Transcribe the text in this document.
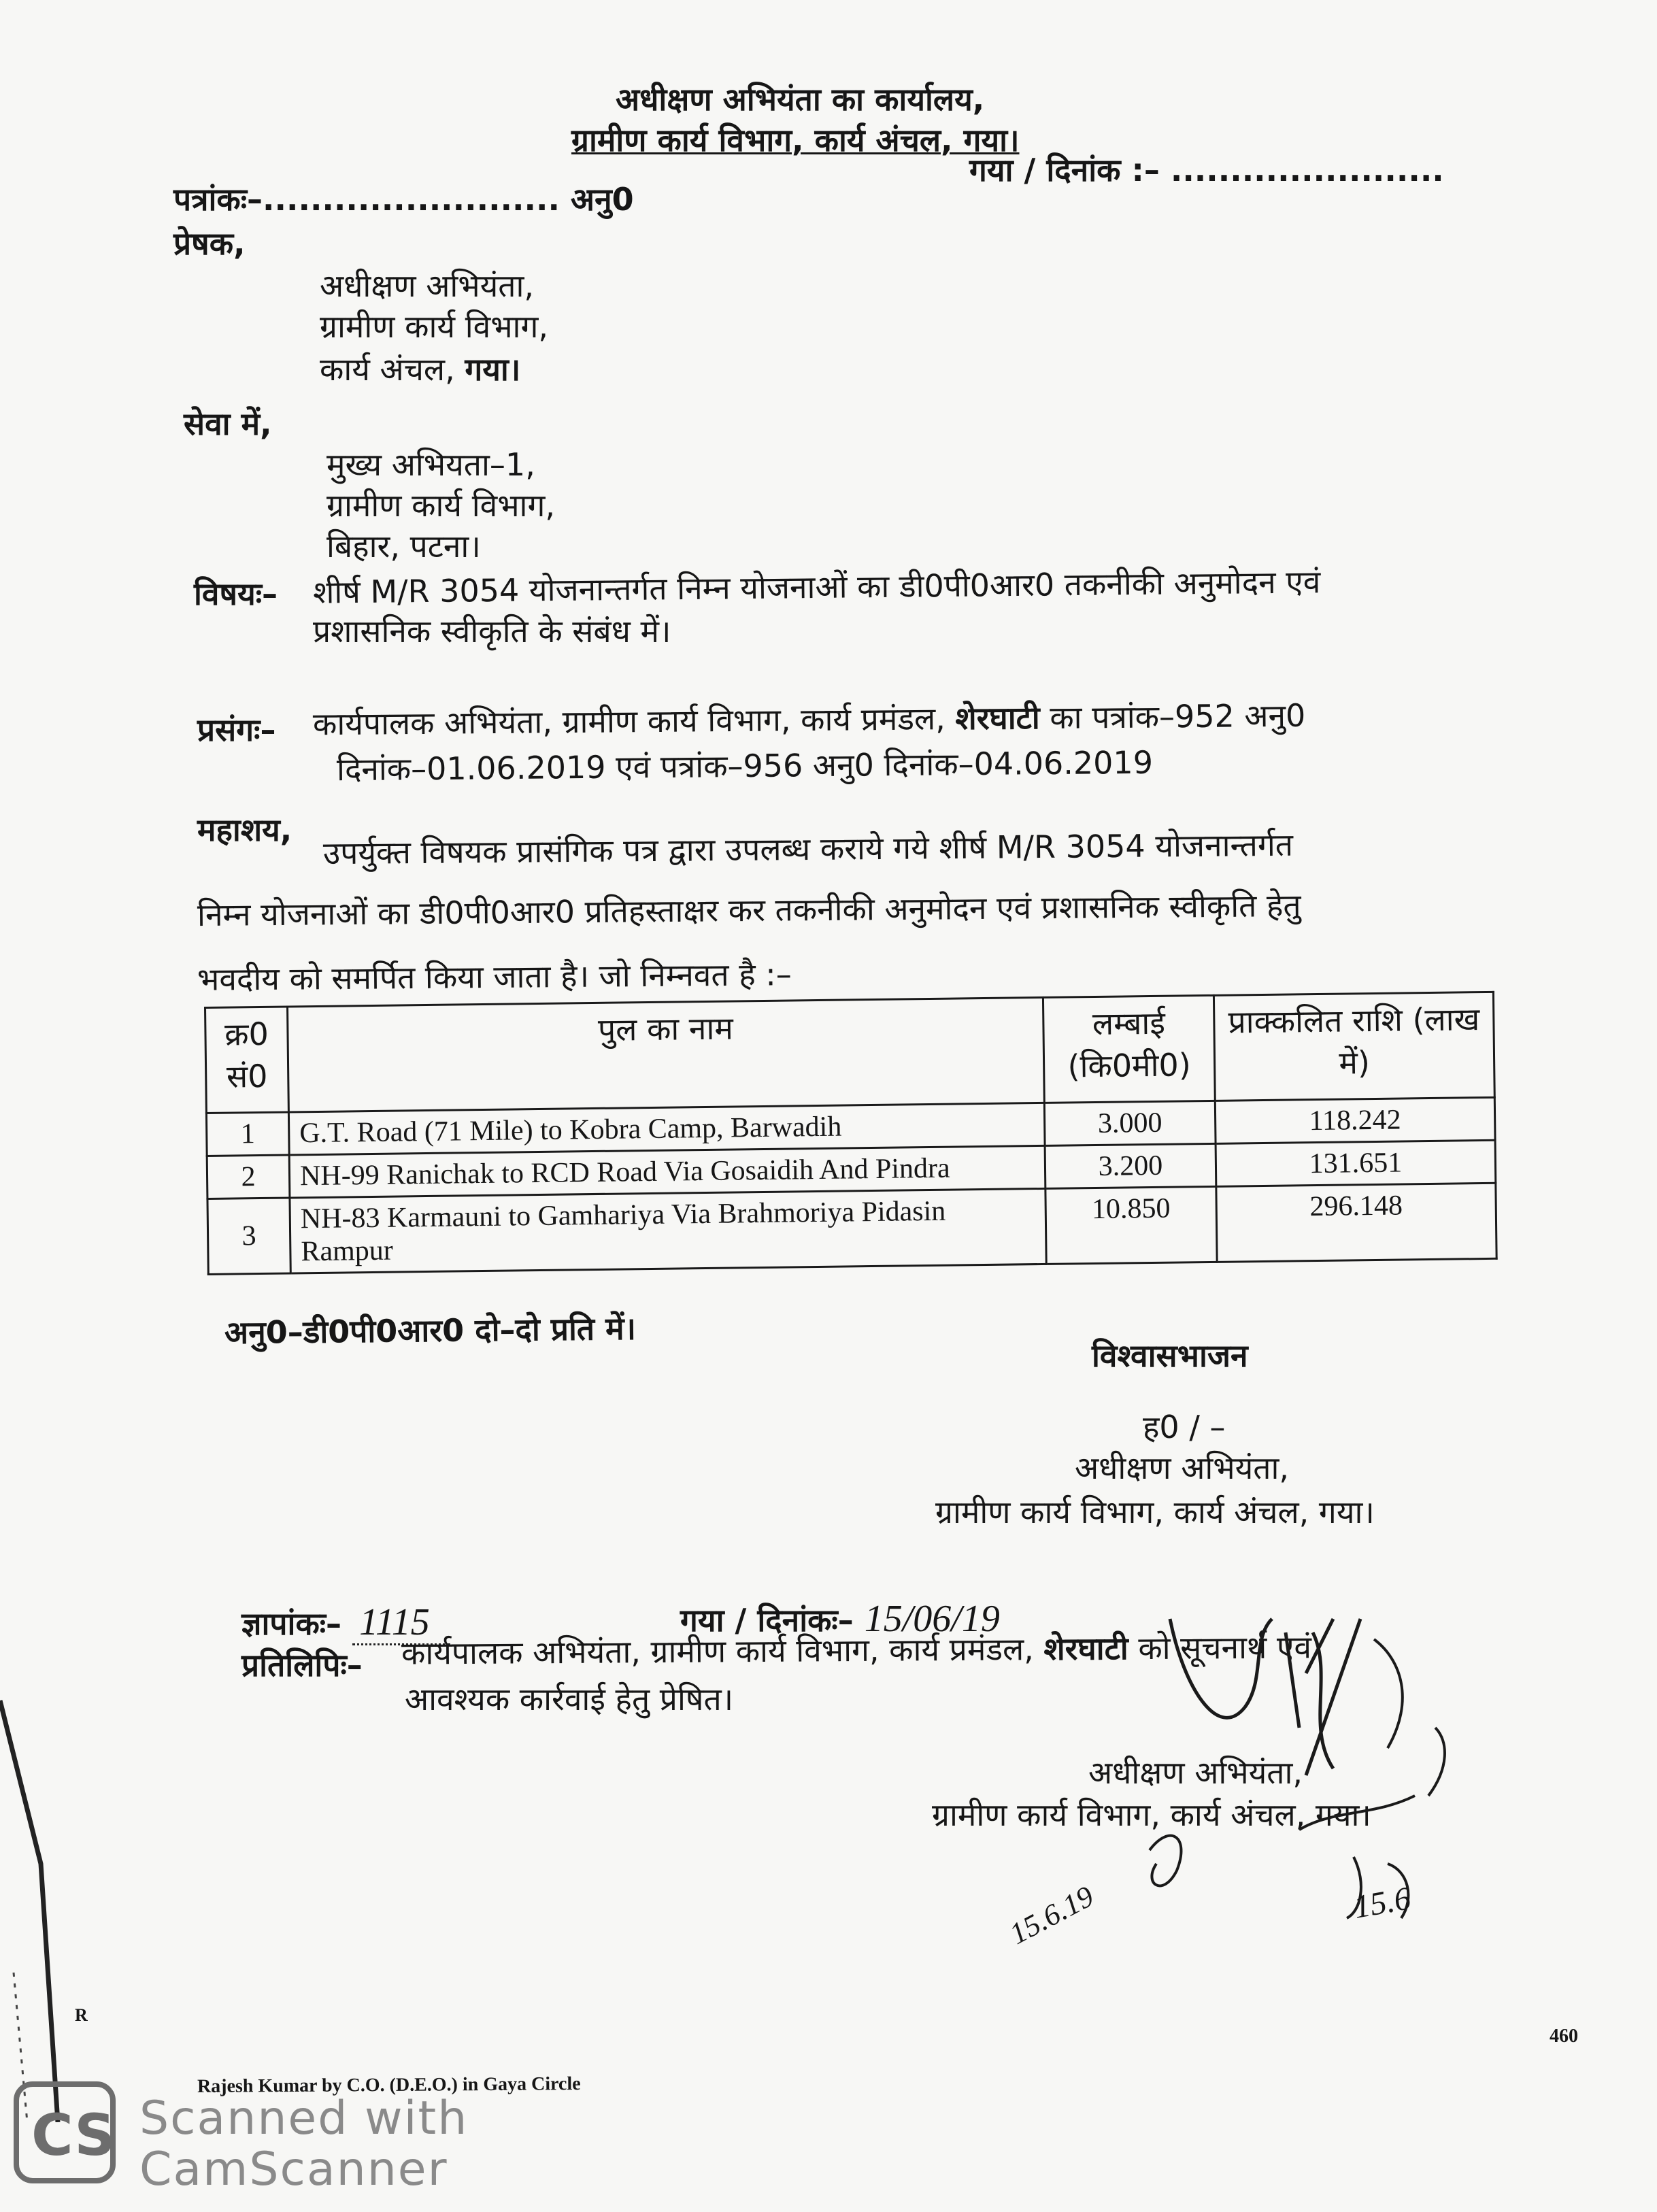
अधीक्षण अभियंता का कार्यालय,
ग्रामीण कार्य विभाग, कार्य अंचल, गया।
गया / दिनांक :– .......................
पत्रांकः–......................... अनु0
प्रेषक,
अधीक्षण अभियंता,
ग्रामीण कार्य विभाग,
कार्य अंचल, गया।
सेवा में,
मुख्य अभियता–1,
ग्रामीण कार्य विभाग,
बिहार, पटना।
विषयः– शीर्ष M/R 3054 योजनान्तर्गत निम्न योजनाओं का डी0पी0आर0 तकनीकी अनुमोदन एवं
प्रशासनिक स्वीकृति के संबंध में।
प्रसंगः– कार्यपालक अभियंता, ग्रामीण कार्य विभाग, कार्य प्रमंडल, शेरघाटी का पत्रांक–952 अनु0
दिनांक–01.06.2019 एवं पत्रांक–956 अनु0 दिनांक–04.06.2019
महाशय, उपर्युक्त विषयक प्रासंगिक पत्र द्वारा उपलब्ध कराये गये शीर्ष M/R 3054 योजनान्तर्गत
निम्न योजनाओं का डी0पी0आर0 प्रतिहस्ताक्षर कर तकनीकी अनुमोदन एवं प्रशासनिक स्वीकृति हेतु
भवदीय को समर्पित किया जाता है। जो निम्नवत है :–
क्र0 सं0	पुल का नाम	लम्बाई (कि0मी0)	प्राक्कलित राशि (लाख में)
1	G.T. Road (71 Mile) to Kobra Camp, Barwadih	3.000	118.242
2	NH-99 Ranichak to RCD Road Via Gosaidih And Pindra	3.200	131.651
3	NH-83 Karmauni to Gamhariya Via Brahmoriya Pidasin Rampur	10.850	296.148
अनु0–डी0पी0आर0 दो–दो प्रति में।
विश्वासभाजन
ह0 / –
अधीक्षण अभियंता,
ग्रामीण कार्य विभाग, कार्य अंचल, गया।
ज्ञापांकः– 1115	गया / दिनांकः– 15/06/19
प्रतिलिपिः– कार्यपालक अभियंता, ग्रामीण कार्य विभाग, कार्य प्रमंडल, शेरघाटी को सूचनार्थ एवं
आवश्यक कार्रवाई हेतु प्रेषित।
अधीक्षण अभियंता,
ग्रामीण कार्य विभाग, कार्य अंचल, गया।
15.6.19	15.6
R
460
Rajesh Kumar by C.O. (D.E.O.) in Gaya Circle
CS Scanned with
CamScanner
